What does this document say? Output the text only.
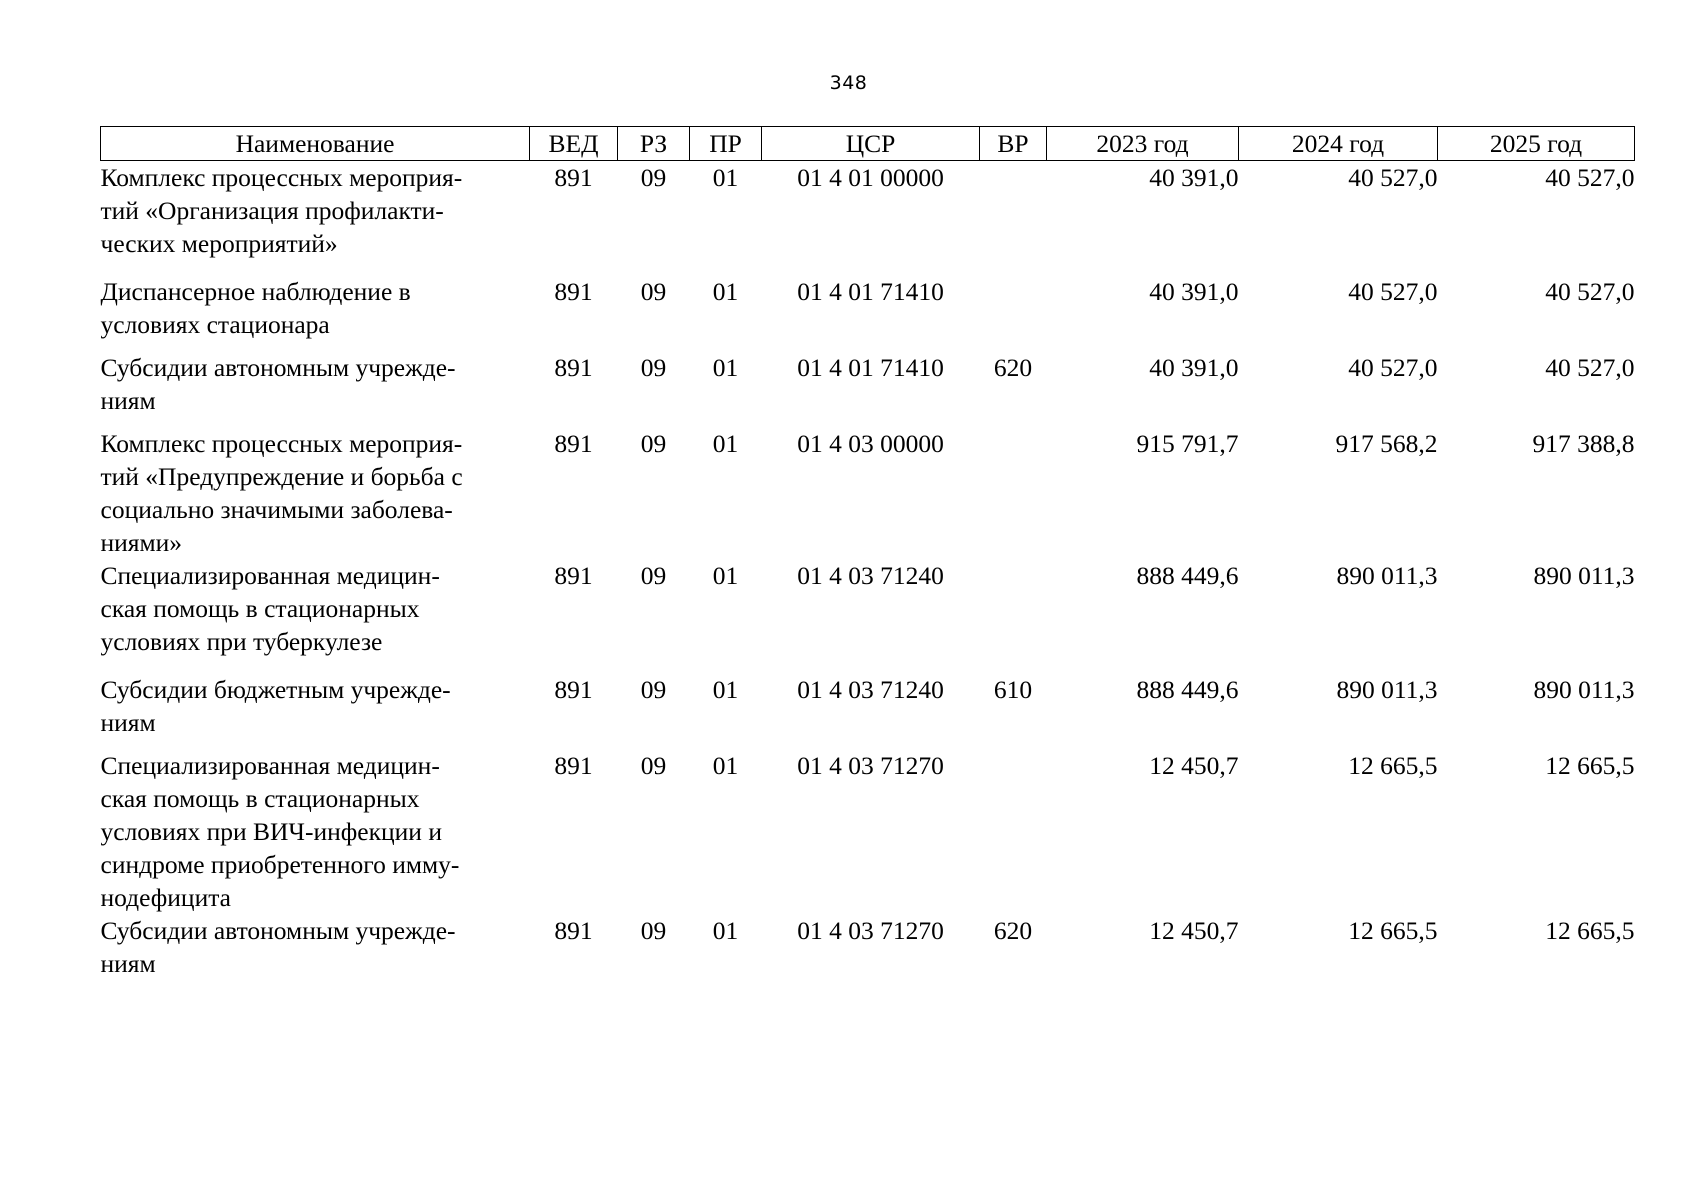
348
Наименование	ВЕД	РЗ	ПР	ЦСР	ВР	2023 год	2024 год	2025 год

Комплекс процессных мероприя-
тий «Организация профилакти-
ческих мероприятий»	891	09	01	01 4 01 00000		40 391,0	40 527,0	40 527,0

Диспансерное наблюдение в
условиях стационара	891	09	01	01 4 01 71410		40 391,0	40 527,0	40 527,0

Субсидии автономным учрежде-
ниям	891	09	01	01 4 01 71410	620	40 391,0	40 527,0	40 527,0

Комплекс процессных мероприя-
тий «Предупреждение и борьба с
социально значимыми заболева-
ниями»	891	09	01	01 4 03 00000		915 791,7	917 568,2	917 388,8

Специализированная медицин-
ская помощь в стационарных
условиях при туберкулезе	891	09	01	01 4 03 71240		888 449,6	890 011,3	890 011,3

Субсидии бюджетным учрежде-
ниям	891	09	01	01 4 03 71240	610	888 449,6	890 011,3	890 011,3

Специализированная медицин-
ская помощь в стационарных
условиях при ВИЧ-инфекции и
синдроме приобретенного имму-
нодефицита	891	09	01	01 4 03 71270		12 450,7	12 665,5	12 665,5

Субсидии автономным учрежде-
ниям	891	09	01	01 4 03 71270	620	12 450,7	12 665,5	12 665,5
